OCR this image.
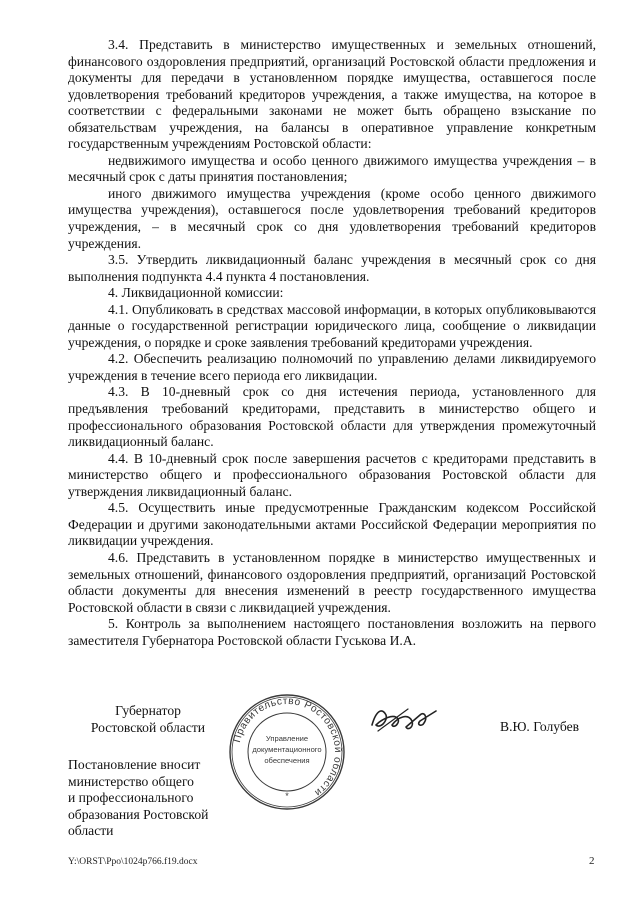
3.4. Представить в министерство имущественных и земельных отношений, финансового оздоровления предприятий, организаций Ростовской области предложения и документы для передачи в установленном порядке имущества, оставшегося после удовлетворения требований кредиторов учреждения, а также имущества, на которое в соответствии с федеральными законами не может быть обращено взыскание по обязательствам учреждения, на балансы в оперативное управление конкретным государственным учреждениям Ростовской области:

недвижимого имущества и особо ценного движимого имущества учреждения – в месячный срок с даты принятия постановления;

иного движимого имущества учреждения (кроме особо ценного движимого имущества учреждения), оставшегося после удовлетворения требований кредиторов учреждения, – в месячный срок со дня удовлетворения требований кредиторов учреждения.

3.5. Утвердить ликвидационный баланс учреждения в месячный срок со дня выполнения подпункта 4.4 пункта 4 постановления.

4. Ликвидационной комиссии:

4.1. Опубликовать в средствах массовой информации, в которых опубликовываются данные о государственной регистрации юридического лица, сообщение о ликвидации учреждения, о порядке и сроке заявления требований кредиторами учреждения.

4.2. Обеспечить реализацию полномочий по управлению делами ликвидируемого учреждения в течение всего периода его ликвидации.

4.3. В 10-дневный срок со дня истечения периода, установленного для предъявления требований кредиторами, представить в министерство общего и профессионального образования Ростовской области для утверждения промежуточный ликвидационный баланс.

4.4. В 10-дневный срок после завершения расчетов с кредиторами представить в министерство общего и профессионального образования Ростовской области для утверждения ликвидационный баланс.

4.5. Осуществить иные предусмотренные Гражданским кодексом Российской Федерации и другими законодательными актами Российской Федерации мероприятия по ликвидации учреждения.

4.6. Представить в установленном порядке в министерство имущественных и земельных отношений, финансового оздоровления предприятий, организаций Ростовской области документы для внесения изменений в реестр государственного имущества Ростовской области в связи с ликвидацией учреждения.

5. Контроль за выполнением настоящего постановления возложить на первого заместителя Губернатора Ростовской области Гуськова И.А.

Губернатор
Ростовской области
Правительство Ростовской области
Управление
документационного
обеспечения
*
В.Ю. Голубев
Постановление вносит
министерство общего
и профессионального
образования Ростовской
области
Y:\ORST\Ppo\1024p766.f19.docx	2
